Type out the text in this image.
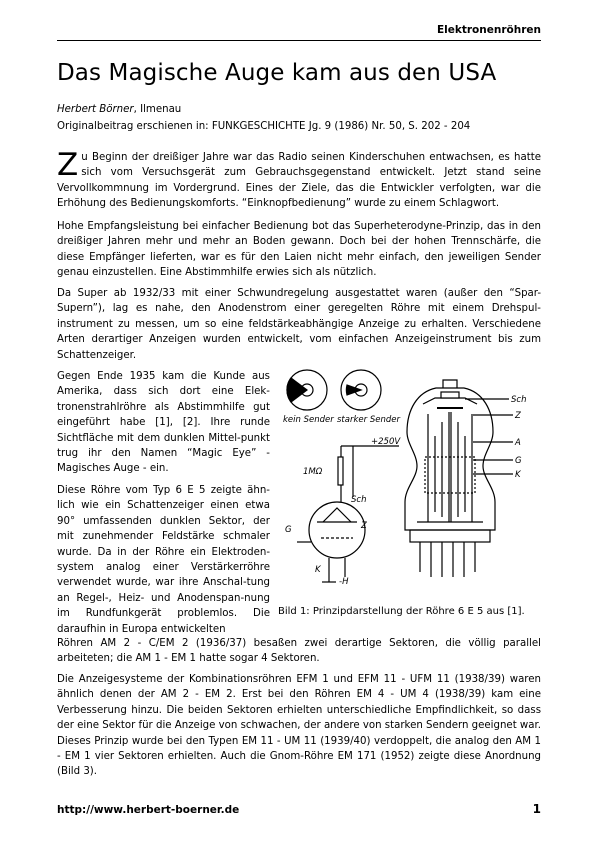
Elektronenröhren
Das Magische Auge kam aus den USA
Herbert Börner, Ilmenau
Originalbeitrag erschienen in: FUNKGESCHICHTE Jg. 9 (1986) Nr. 50, S. 202 - 204

Zu Beginn der dreißiger Jahre war das Radio seinen Kinderschuhen entwachsen, es hatte sich vom Versuchsgerät zum Gebrauchsgegenstand entwickelt. Jetzt stand seine Vervollkommnung im Vordergrund. Eines der Ziele, das die Entwickler verfolgten, war die Erhöhung des Bedienungskomforts. “Einknopfbedienung” wurde zu einem Schlagwort.

Hohe Empfangsleistung bei einfacher Bedienung bot das Superheterodyne-Prinzip, das in den dreißiger Jahren mehr und mehr an Boden gewann. Doch bei der hohen Trennschärfe, die diese Empfänger lieferten, war es für den Laien nicht mehr einfach, den jeweiligen Sender genau einzustellen. Eine Abstimmhilfe erwies sich als nützlich.

Da Super ab 1932/33 mit einer Schwundregelung ausgestattet waren (außer den “Spar-Supern”), lag es nahe, den Anodenstrom einer geregelten Röhre mit einem Drehspul-instrument zu messen, um so eine feldstärkeabhängige Anzeige zu erhalten. Verschiedene Arten derartiger Anzeigen wurden entwickelt, vom einfachen Anzeigeinstrument bis zum Schattenzeiger.

Gegen Ende 1935 kam die Kunde aus Amerika, dass sich dort eine Elek-tronenstrahlröhre als Abstimmhilfe gut eingeführt habe [1], [2]. Ihre runde Sichtfläche mit dem dunklen Mittel-punkt trug ihr den Namen “Magic Eye” - Magisches Auge - ein.

Diese Röhre vom Typ 6 E 5 zeigte ähn-lich wie ein Schattenzeiger einen etwa 90° umfassenden dunklen Sektor, der mit zunehmender Feldstärke schmaler wurde. Da in der Röhre ein Elektroden-system analog einer Verstärkerröhre verwendet wurde, war ihre Anschal-tung an Regel-, Heiz- und Anodenspan-nung im Rundfunkgerät problemlos. Die daraufhin in Europa entwickelten

Röhren AM 2 - C/EM 2 (1936/37) besaßen zwei derartige Sektoren, die völlig parallel arbeiteten; die AM 1 - EM 1 hatte sogar 4 Sektoren.

Die Anzeigesysteme der Kombinationsröhren EFM 1 und EFM 11 - UFM 11 (1938/39) waren ähnlich denen der AM 2 - EM 2. Erst bei den Röhren EM 4 - UM 4 (1938/39) kam eine Verbesserung hinzu. Die beiden Sektoren erhielten unterschiedliche Empfindlichkeit, so dass der eine Sektor für die Anzeige von schwachen, der andere von starken Sendern geeignet war. Dieses Prinzip wurde bei den Typen EM 11 - UM 11 (1939/40) verdoppelt, die analog den AM 1 - EM 1 vier Sektoren erhielten. Auch die Gnom-Röhre EM 171 (1952) zeigte diese Anordnung (Bild 3).

kein Sender starker Sender
+250V
1MΩ
Sch
G	Z
K
-H
Sch
Z
A
G
K
Bild 1: Prinzipdarstellung der Röhre 6 E 5 aus [1].
http://www.herbert-boerner.de	1
